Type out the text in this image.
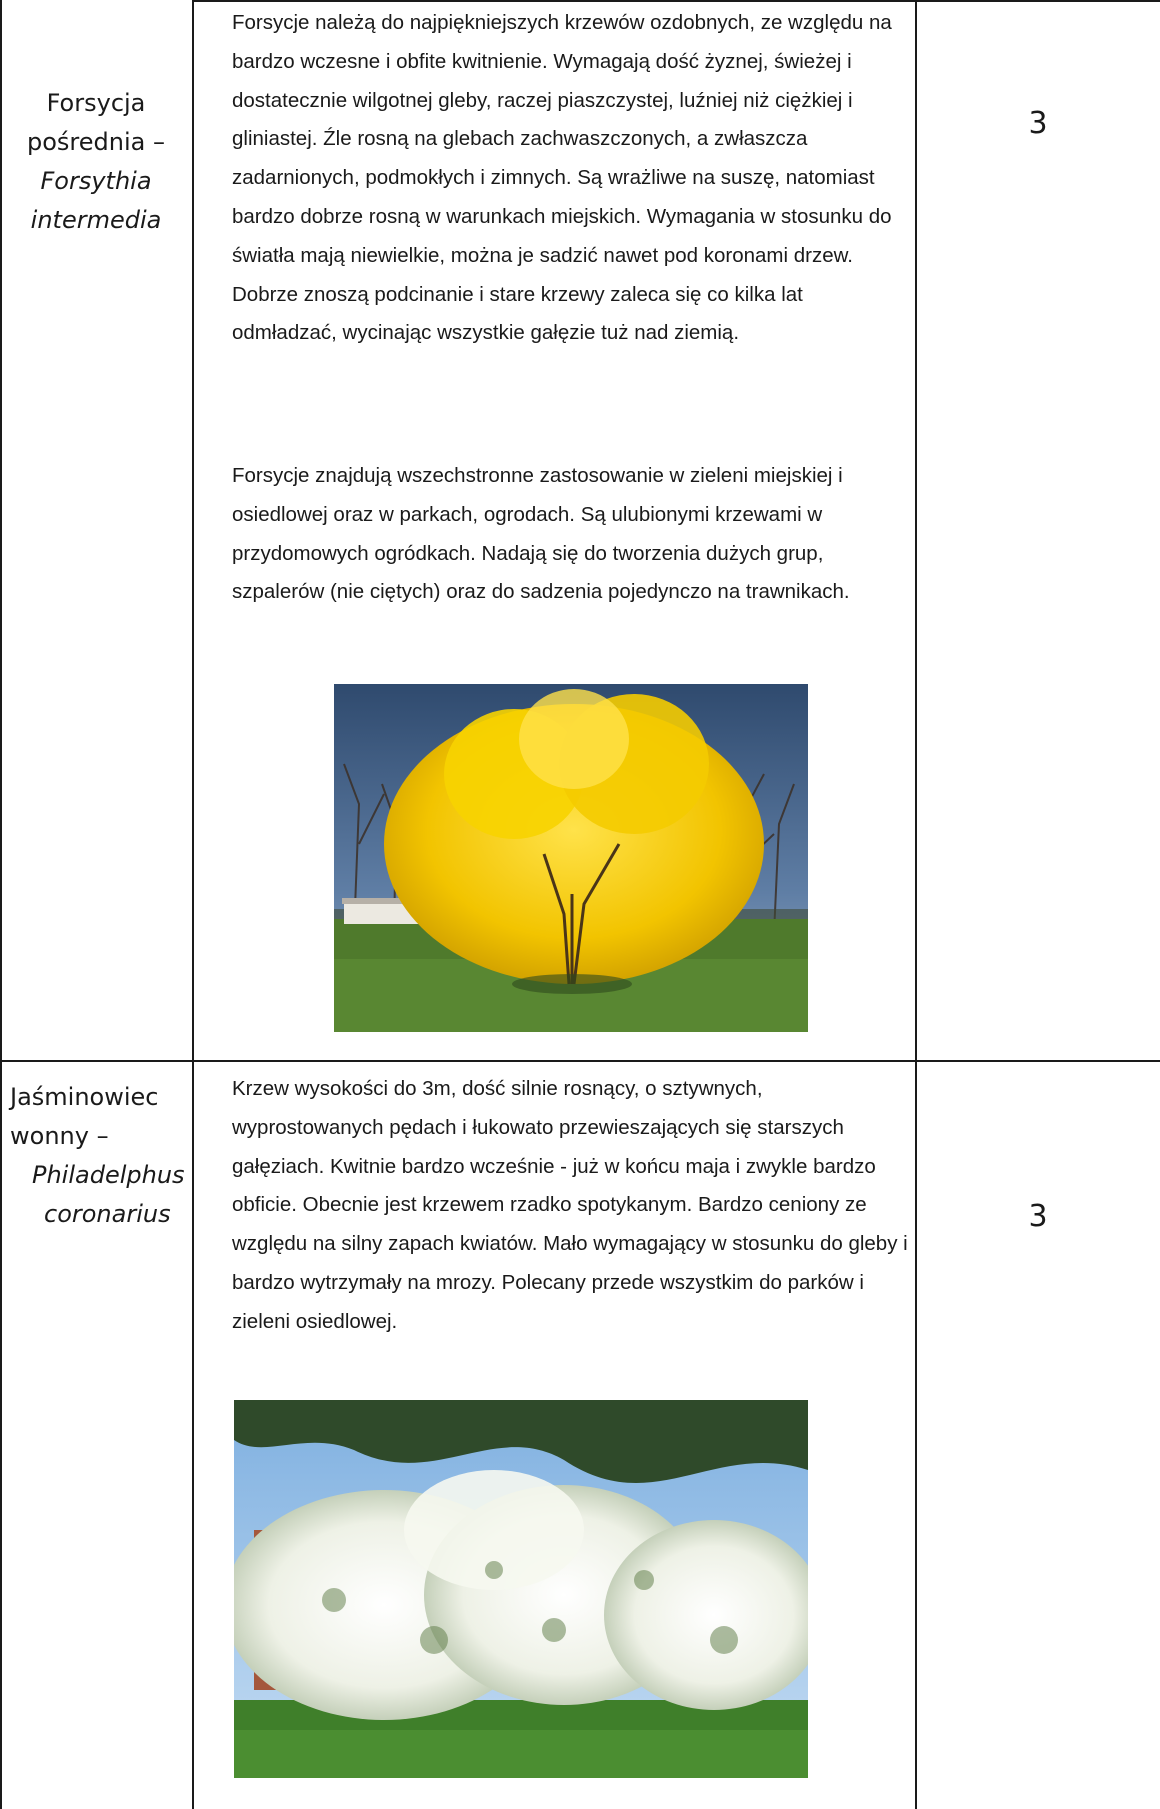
Forsycja
pośrednia –
Forsythia
intermedia

Forsycje należą do najpiękniejszych krzewów ozdobnych, ze względu na bardzo wczesne i obfite kwitnienie. Wymagają dość żyznej, świeżej i dostatecznie wilgotnej gleby, raczej piaszczystej, luźniej niż ciężkiej i gliniastej. Źle rosną na glebach zachwaszczonych, a zwłaszcza zadarnionych, podmokłych i zimnych. Są wrażliwe na suszę, natomiast bardzo dobrze rosną w warunkach miejskich. Wymagania w stosunku do światła mają niewielkie, można je sadzić nawet pod koronami drzew. Dobrze znoszą podcinanie i stare krzewy zaleca się co kilka lat odmładzać, wycinając wszystkie gałęzie tuż nad ziemią.

Forsycje znajdują wszechstronne zastosowanie w zieleni miejskiej i osiedlowej oraz w parkach, ogrodach. Są ulubionymi krzewami w przydomowych ogródkach. Nadają się do tworzenia dużych grup, szpalerów (nie ciętych) oraz do sadzenia pojedynczo na trawnikach.

3
Jaśminowiec
wonny –
Philadelphus
coronarius

Krzew wysokości do 3m, dość silnie rosnący, o sztywnych, wyprostowanych pędach i łukowato przewieszających się starszych gałęziach. Kwitnie bardzo wcześnie - już w końcu maja i zwykle bardzo obficie. Obecnie jest krzewem rzadko spotykanym. Bardzo ceniony ze względu na silny zapach kwiatów. Mało wymagający w stosunku do gleby i bardzo wytrzymały na mrozy. Polecany przede wszystkim do parków i zieleni osiedlowej.

3
